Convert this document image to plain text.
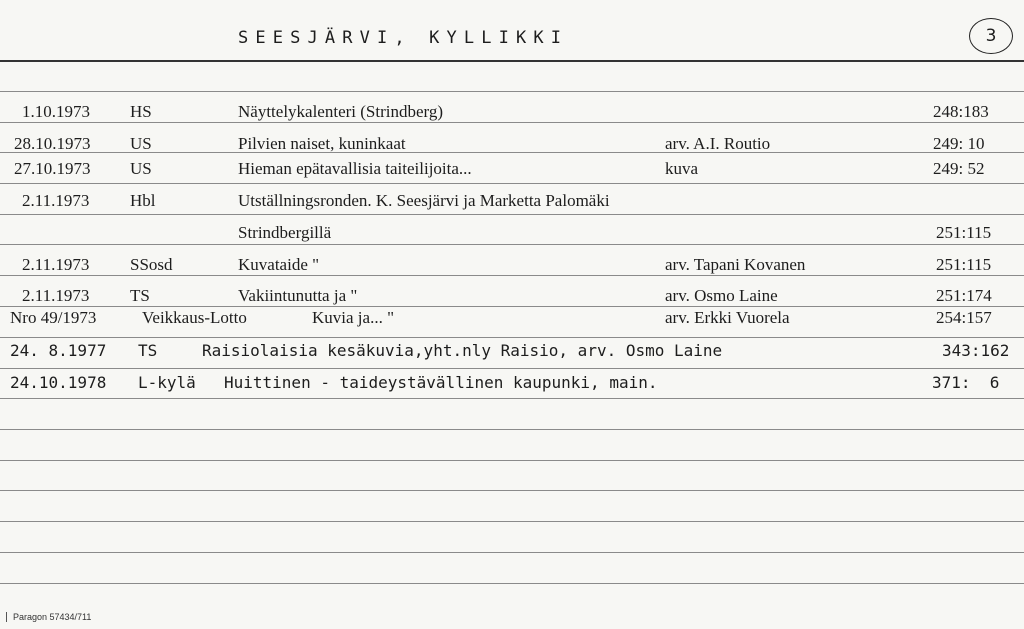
SEESJÄRVI, KYLLIKKI	3
1.10.1973 HS	Näyttelykalenteri (Strindberg)	248:183
28.10.1973 US	Pilvien naiset, kuninkaat	arv. A.I. Routio	249: 10
27.10.1973 US	Hieman epätavallisia taiteilijoita...	kuva	249: 52
2.11.1973 Hbl	Utställningsronden. K. Seesjärvi ja Marketta Palomäki
Strindbergillä	251:115
2.11.1973 SSosd	Kuvataide "	arv. Tapani Kovanen	251:115
2.11.1973 TS	Vakiintunutta ja "	arv. Osmo Laine	251:174
Nro 49/1973	Veikkaus-Lotto	Kuvia ja... "	arv. Erkki Vuorela	254:157
24. 8.1977 TS	Raisiolaisia kesäkuvia,yht.nly Raisio, arv. Osmo Laine	343:162
24.10.1978 L-kylä Huittinen - taideystävällinen kaupunki, main.	371:  6
Paragon 57434/711
